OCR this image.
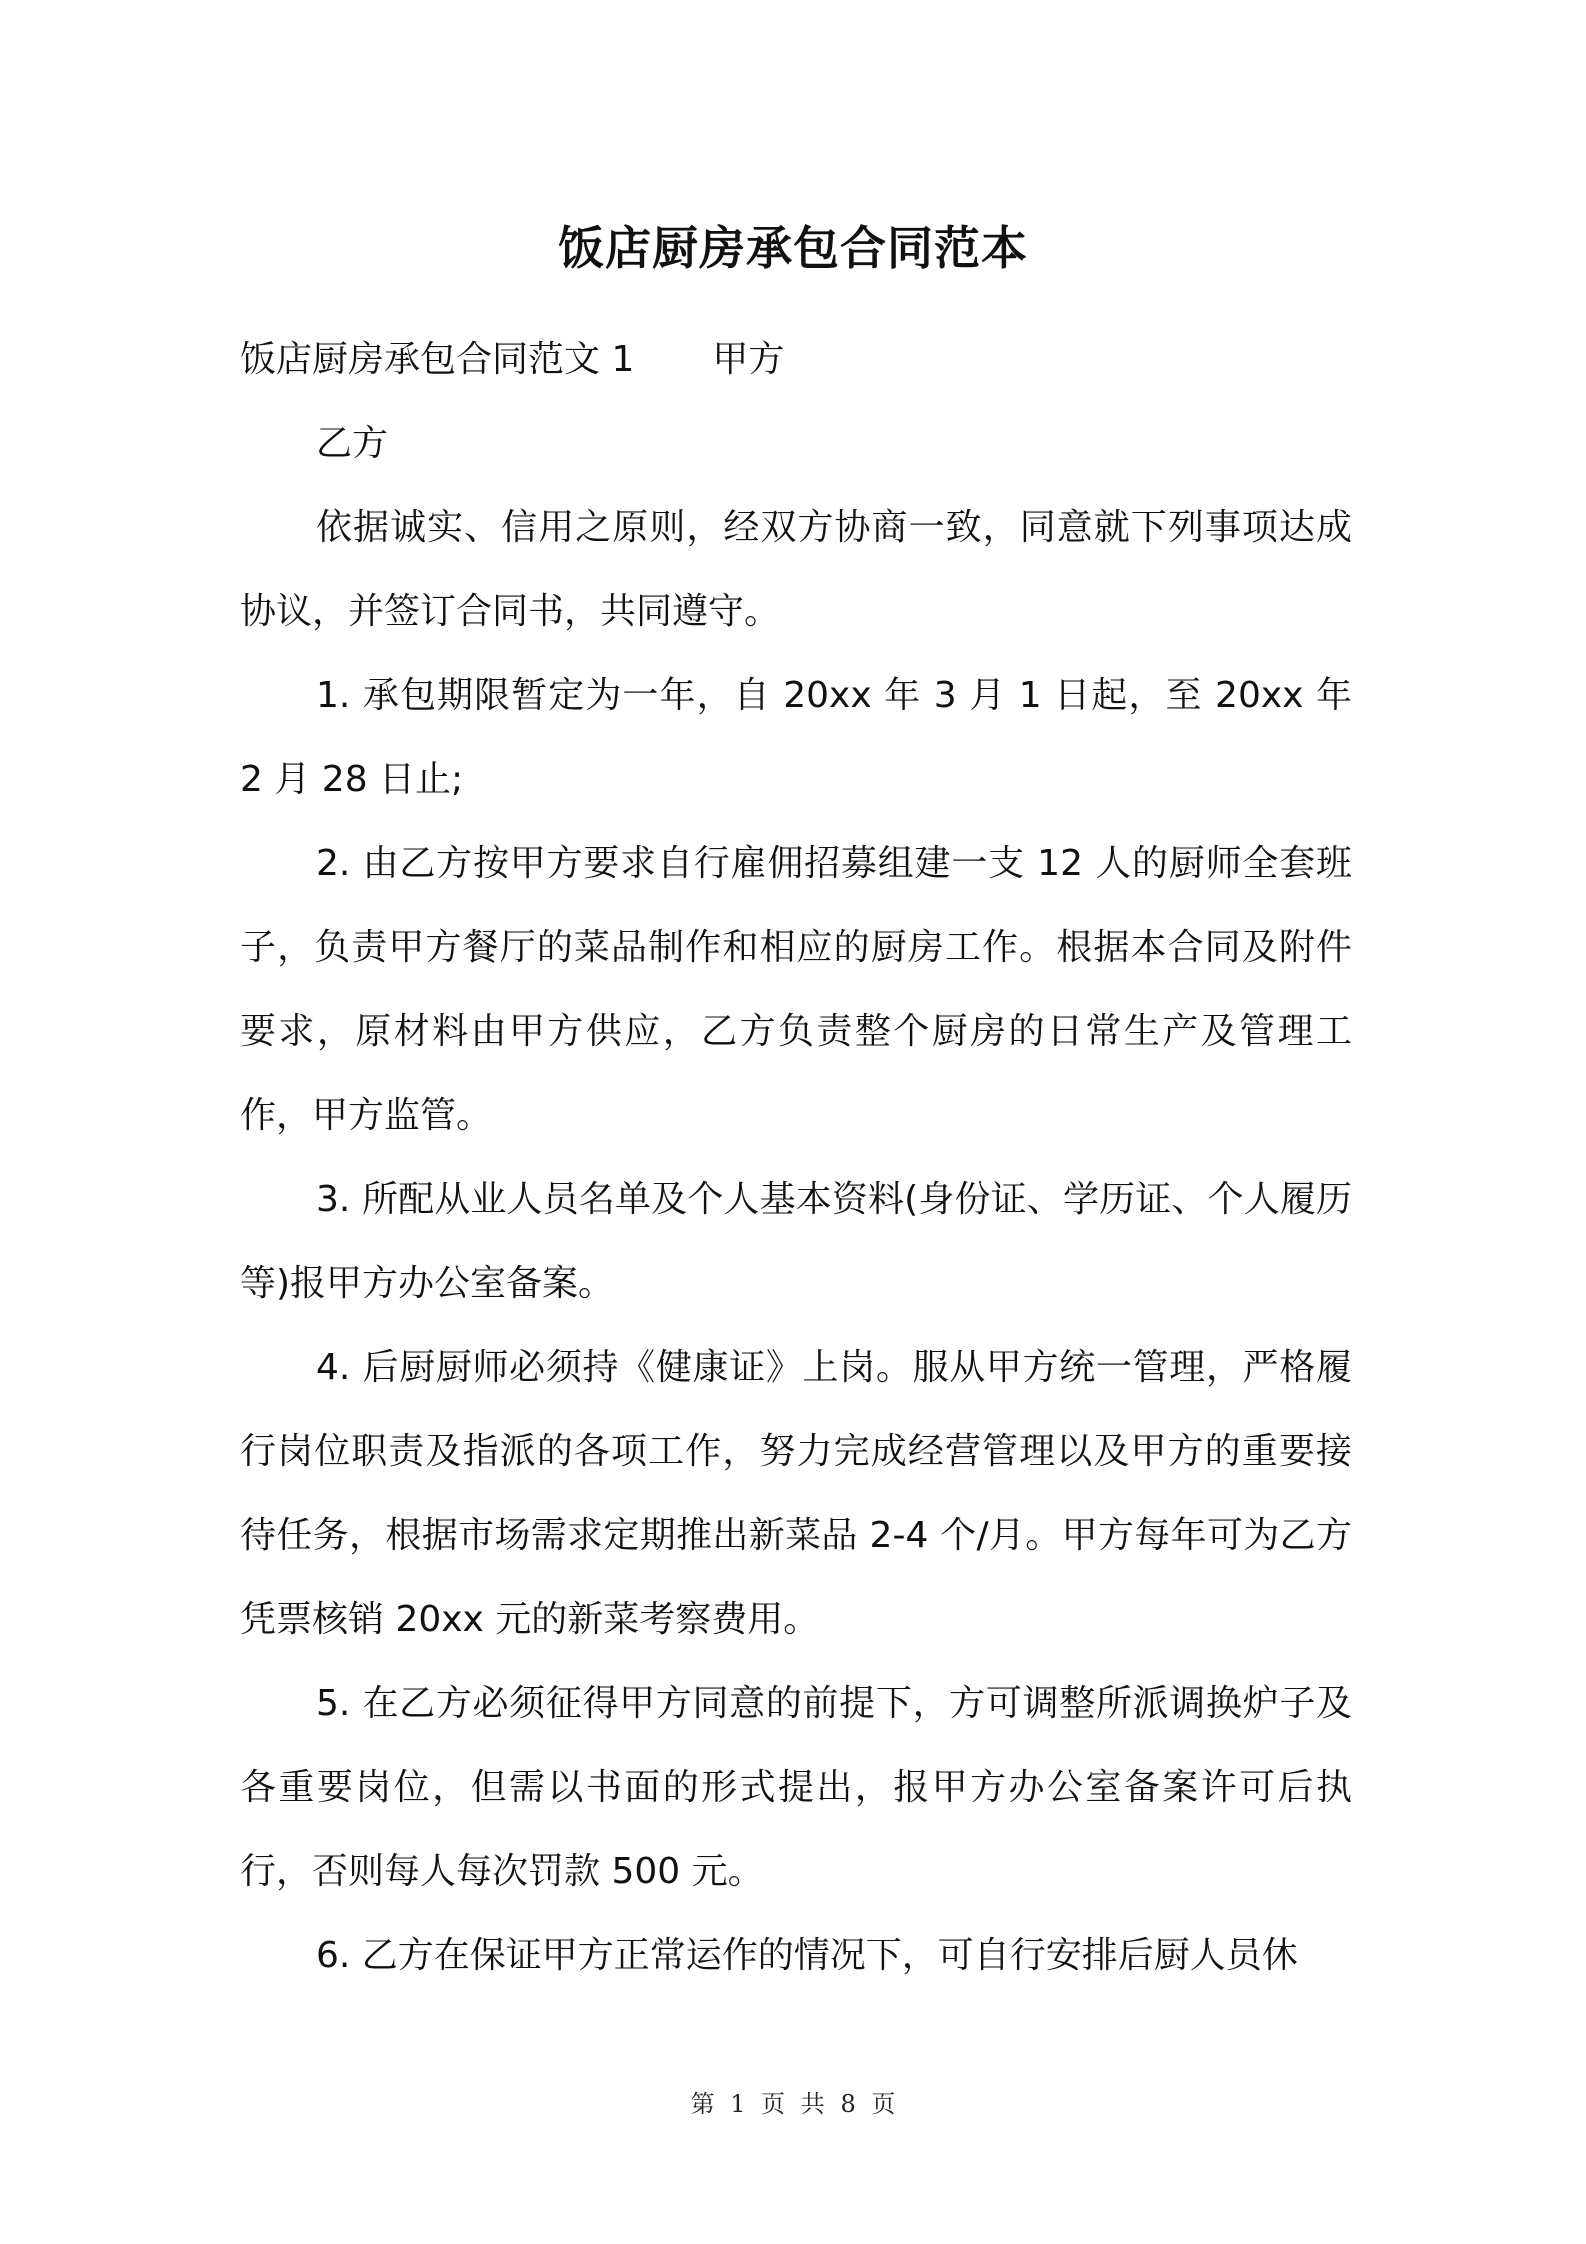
饭店厨房承包合同范本

饭店厨房承包合同范文 1 甲方

乙方

依据诚实、信用之原则，经双方协商一致，同意就下列事项达成协议，并签订合同书，共同遵守。

1. 承包期限暂定为一年，自 20xx 年 3 月 1 日起，至 20xx 年 2 月 28 日止;

2. 由乙方按甲方要求自行雇佣招募组建一支 12 人的厨师全套班子，负责甲方餐厅的菜品制作和相应的厨房工作。根据本合同及附件要求，原材料由甲方供应，乙方负责整个厨房的日常生产及管理工作，甲方监管。

3. 所配从业人员名单及个人基本资料(身份证、学历证、个人履历等)报甲方办公室备案。

4. 后厨厨师必须持《健康证》上岗。服从甲方统一管理，严格履行岗位职责及指派的各项工作，努力完成经营管理以及甲方的重要接待任务，根据市场需求定期推出新菜品 2-4 个/月。甲方每年可为乙方凭票核销 20xx 元的新菜考察费用。

5. 在乙方必须征得甲方同意的前提下，方可调整所派调换炉子及各重要岗位，但需以书面的形式提出，报甲方办公室备案许可后执行，否则每人每次罚款 500 元。

6. 乙方在保证甲方正常运作的情况下，可自行安排后厨人员休

第 1 页 共 8 页
